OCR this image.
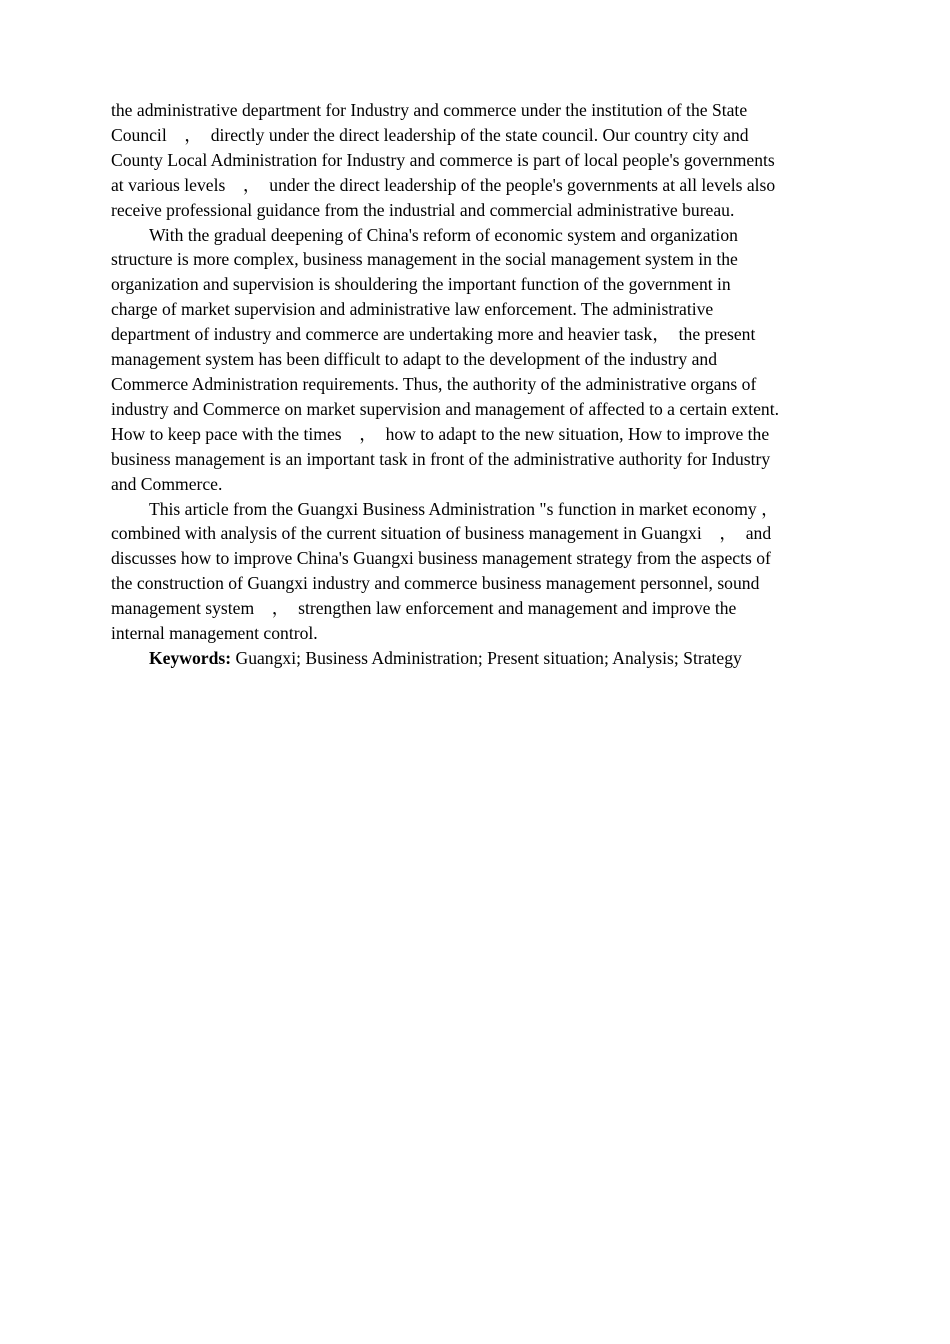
the administrative department for Industry and commerce under the institution of the State
Council　，　directly under the direct leadership of the state council. Our country city and
County Local Administration for Industry and commerce is part of local people's governments
at various levels　，　under the direct leadership of the people's governments at all levels also
receive professional guidance from the industrial and commercial administrative bureau.

With the gradual deepening of China's reform of economic system and organization
structure is more complex, business management in the social management system in the
organization and supervision is shouldering the important function of the government in
charge of market supervision and administrative law enforcement. The administrative
department of industry and commerce are undertaking more and heavier task，　the present
management system has been difficult to adapt to the development of the industry and
Commerce Administration requirements. Thus, the authority of the administrative organs of
industry and Commerce on market supervision and management of affected to a certain extent.
How to keep pace with the times　，　how to adapt to the new situation, How to improve the
business management is an important task in front of the administrative authority for Industry
and Commerce.

This article from the Guangxi Business Administration "s function in market economy ，
combined with analysis of the current situation of business management in Guangxi　，　and
discusses how to improve China's Guangxi business management strategy from the aspects of
the construction of Guangxi industry and commerce business management personnel, sound
management system　，　strengthen law enforcement and management and improve the
internal management control.

Keywords: Guangxi; Business Administration; Present situation; Analysis; Strategy
